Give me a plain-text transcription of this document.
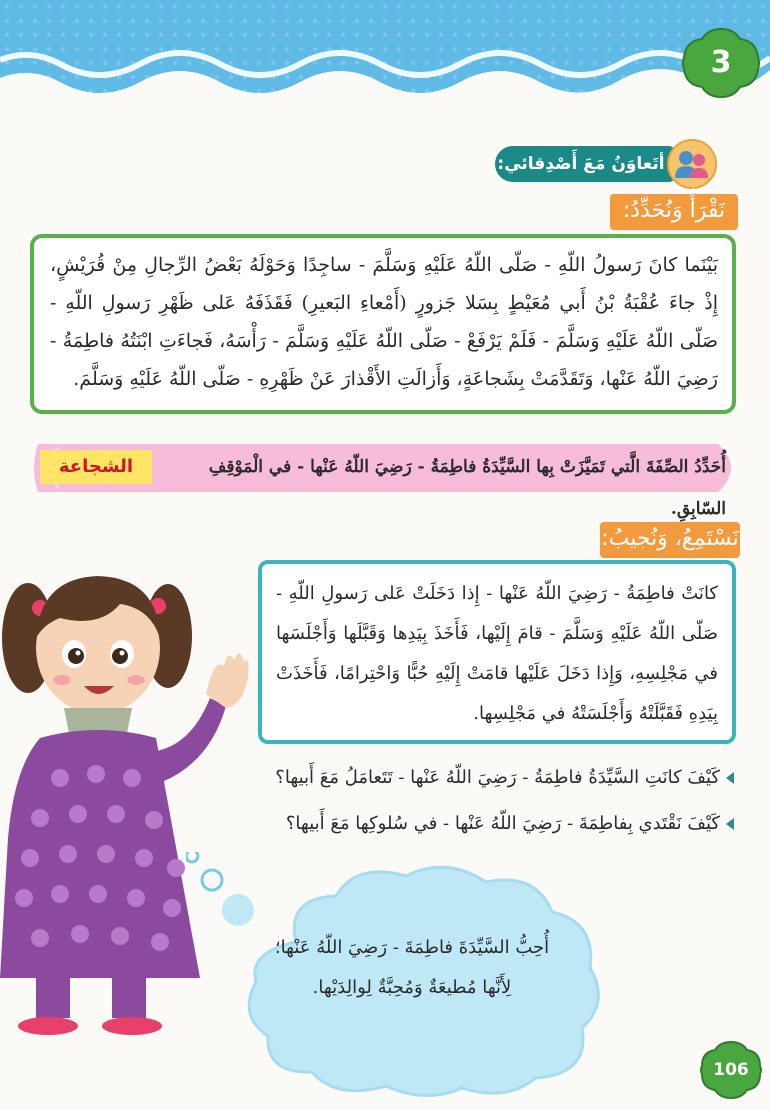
3
أتَعاوَنُ مَعَ أَصْدِقائي:
نَقْرَأُ وَنُحَدِّدُ:

بَيْنَما كانَ رَسولُ اللّهِ - صَلّى اللّهُ عَلَيْهِ وَسَلَّمَ - ساجِدًا وَحَوْلَهُ بَعْضُ الرِّجالِ مِنْ قُرَيْشٍ، إِذْ جاءَ عُقْبَةُ بْنُ أَبي مُعَيْطٍ بِسَلا جَزورٍ (أَمْعاءِ البَعيرِ) فَقَذَفَهُ عَلى ظَهْرِ رَسولِ اللّهِ - صَلّى اللّهُ عَلَيْهِ وَسَلَّمَ - فَلَمْ يَرْفَعْ - صَلّى اللّهُ عَلَيْهِ وَسَلَّمَ - رَأْسَهُ، فَجاءَتِ ابْنَتُهُ فاطِمَةُ - رَضِيَ اللّهُ عَنْها، وَتَقَدَّمَتْ بِشَجاعَةٍ، وَأَزالَتِ الأَقْذارَ عَنْ ظَهْرِهِ - صَلّى اللّهُ عَلَيْهِ وَسَلَّمَ.

أُحَدِّدُ الصِّفَةَ الَّتي تَمَيَّزَتْ بِها السَّيِّدَةُ فاطِمَةُ - رَضِيَ اللّهُ عَنْها - في الْمَوْقِفِ السّابِقِ.
الشجاعة
نَسْتَمِعُ، وَنُجيبُ:

كانَتْ فاطِمَةُ - رَضِيَ اللّهُ عَنْها - إِذا دَخَلَتْ عَلى رَسولِ اللّهِ - صَلّى اللّهُ عَلَيْهِ وَسَلَّمَ - قامَ إِلَيْها، فَأَخَذَ بِيَدِها وَقَبَّلَها وَأَجْلَسَها في مَجْلِسِهِ، وَإِذا دَخَلَ عَلَيْها قامَتْ إِلَيْهِ حُبًّا وَاحْتِرامًا، فَأَخَذَتْ بِيَدِهِ فَقَبَّلَتْهُ وَأَجْلَسَتْهُ في مَجْلِسِها.

كَيْفَ كانَتِ السَّيِّدَةُ فاطِمَةُ - رَضِيَ اللّهُ عَنْها - تَتَعامَلُ مَعَ أَبيها؟
كَيْفَ نَقْتَدي بِفاطِمَةَ - رَضِيَ اللّهُ عَنْها - في سُلوكِها مَعَ أَبيها؟
أُحِبُّ السَّيِّدَةَ فاطِمَةَ - رَضِيَ اللّهُ عَنْها؛ لِأَنَّها مُطيعَةٌ وَمُحِبَّةٌ لِوالِدَيْها.
106
